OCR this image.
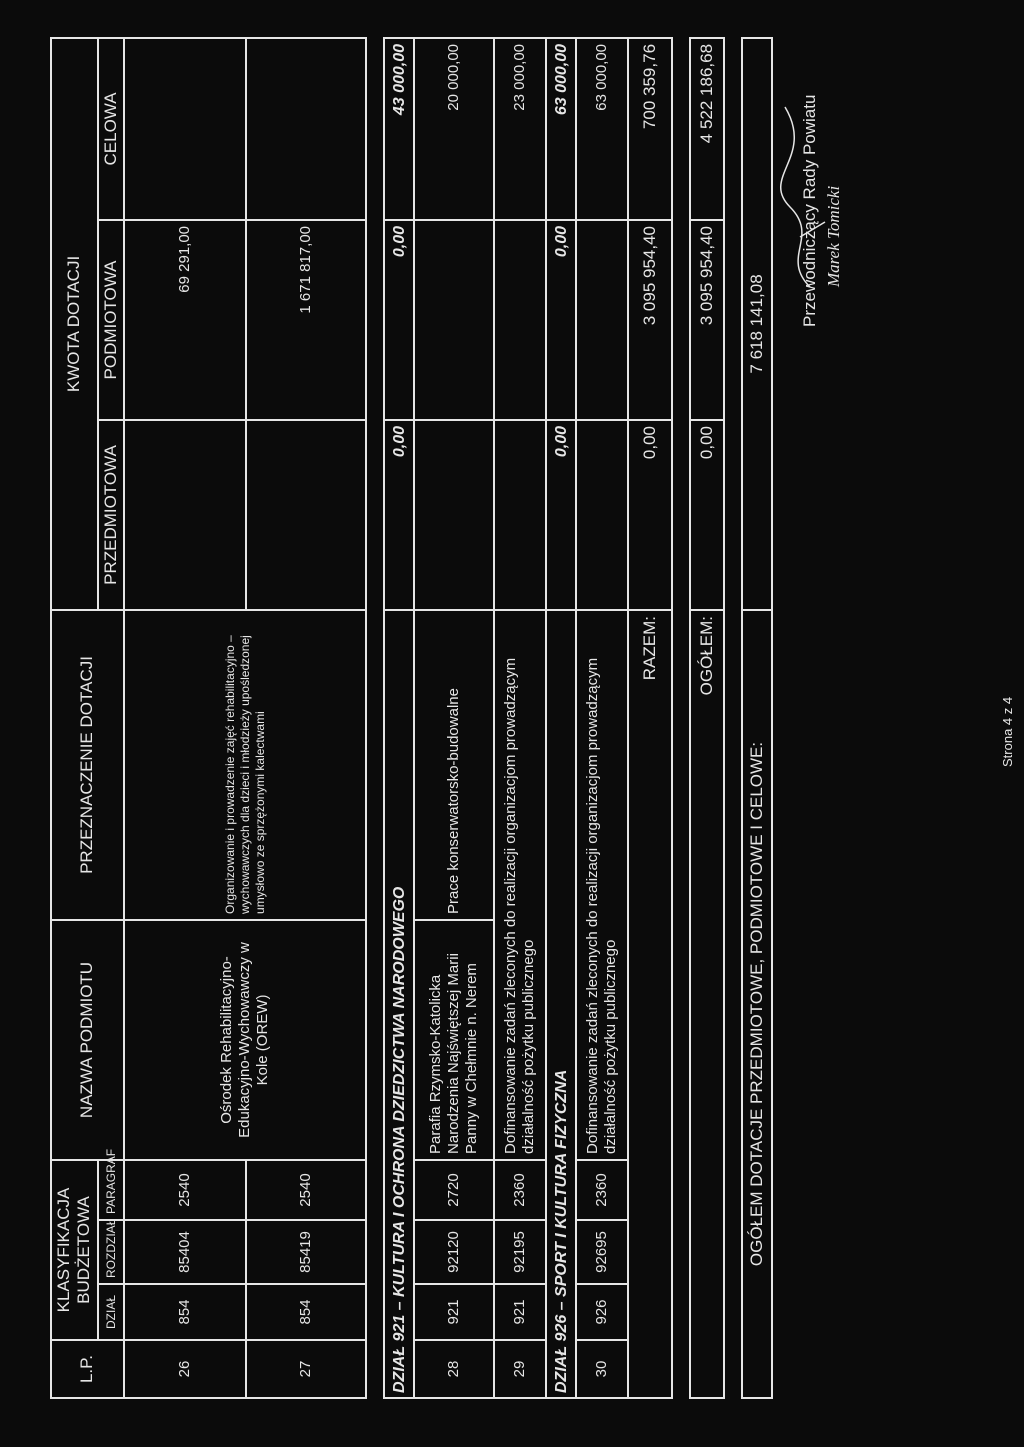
L.P.	KLASYFIKACJA BUDŻETOWA			NAZWA PODMIOTU	PRZEZNACZENIE DOTACJI	KWOTA DOTACJI		
	DZIAŁ	ROZDZIAŁ	PARAGRAF			PRZEDMIOTOWA	PODMIOTOWA	CELOWA

26	854	85404	2540	Ośrodek Rehabilitacyjno-Edukacyjno-Wychowawczy w Kole (OREW)	Organizowanie i prowadzenie zajęć rehabilitacyjno – wychowawczych dla dzieci i młodzieży upośledzonej umysłowo ze sprzężonymi kalectwami		69 291,00	
27	854	85419	2540				1 671 817,00	

DZIAŁ 921 – KULTURA I OCHRONA DZIEDZICTWA NARODOWEGO						0,00	0,00	43 000,00
28	921	92120	2720	Parafia Rzymsko-Katolicka Narodzenia Najświętszej Marii Panny w Chełmnie n. Nerem	Prace konserwatorsko-budowalne			20 000,00
29	921	92195	2360	Dofinansowanie zadań zleconych do realizacji organizacjom prowadzącym działalność pożytku publicznego				23 000,00
DZIAŁ 926 – SPORT I KULTURA FIZYCZNA						0,00	0,00	63 000,00
30	926	92695	2360	Dofinansowanie zadań zleconych do realizacji organizacjom prowadzącym działalność pożytku publicznego				63 000,00
RAZEM:						0,00	3 095 954,40	700 359,76

OGÓŁEM:						0,00	3 095 954,40	4 522 186,68

OGÓŁEM DOTACJE PRZEDMIOTOWE, PODMIOTOWE I CELOWE:						7 618 141,08		
Strona 4 z 4
Przewodniczący Rady Powiatu Marek Tomicki
